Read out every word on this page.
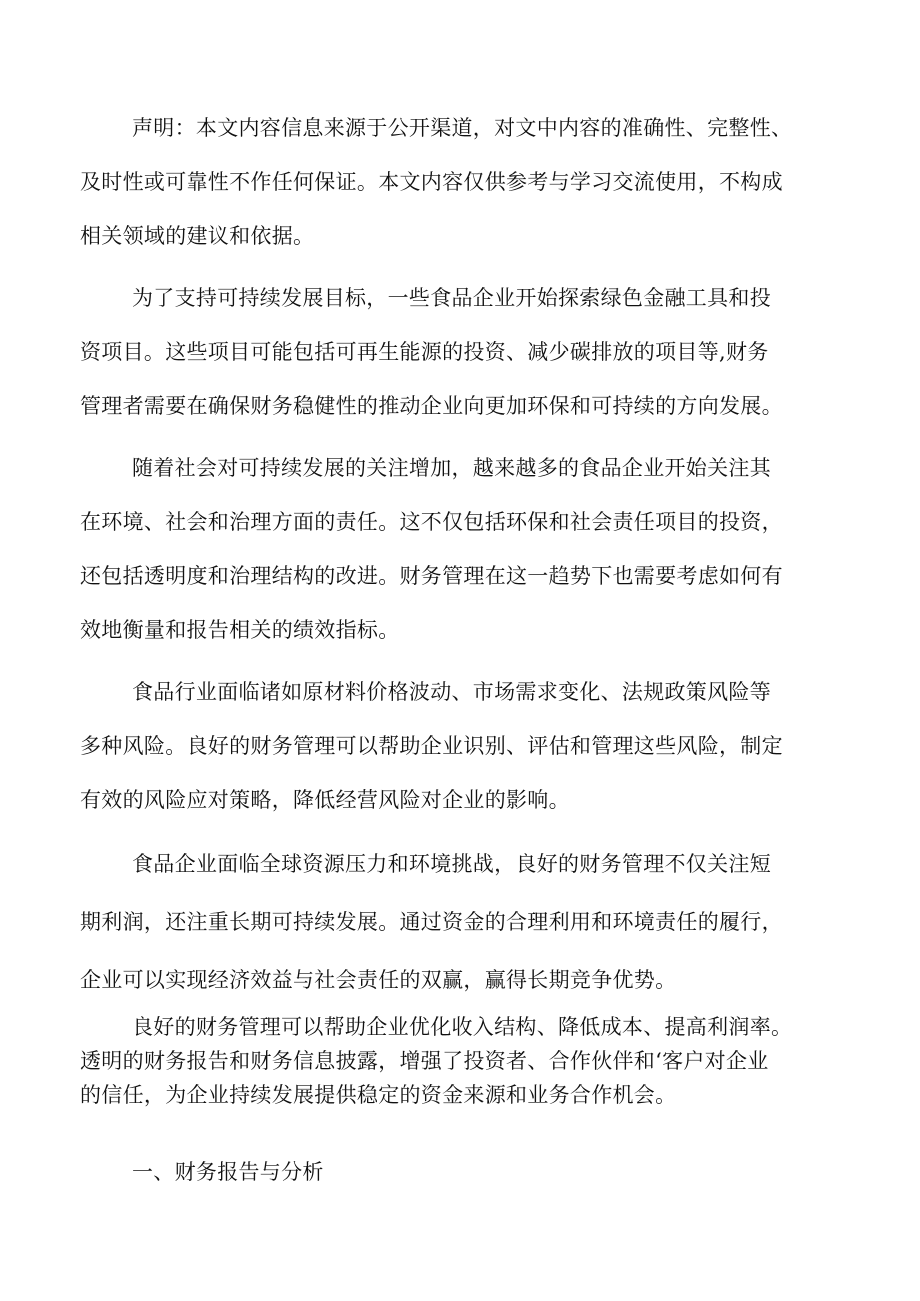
声明：本文内容信息来源于公开渠道，对文中内容的准确性、完整性、
及时性或可靠性不作任何保证。本文内容仅供参考与学习交流使用，不构成
相关领域的建议和依据。

为了支持可持续发展目标，一些食品企业开始探索绿色金融工具和投
资项目。这些项目可能包括可再生能源的投资、减少碳排放的项目等,财务
管理者需要在确保财务稳健性的推动企业向更加环保和可持续的方向发展。

随着社会对可持续发展的关注增加，越来越多的食品企业开始关注其
在环境、社会和治理方面的责任。这不仅包括环保和社会责任项目的投资，
还包括透明度和治理结构的改进。财务管理在这一趋势下也需要考虑如何有
效地衡量和报告相关的绩效指标。

食品行业面临诸如原材料价格波动、市场需求变化、法规政策风险等
多种风险。良好的财务管理可以帮助企业识别、评估和管理这些风险，制定
有效的风险应对策略，降低经营风险对企业的影响。

食品企业面临全球资源压力和环境挑战，良好的财务管理不仅关注短
期利润，还注重长期可持续发展。通过资金的合理利用和环境责任的履行，
企业可以实现经济效益与社会责任的双赢，赢得长期竞争优势。

良好的财务管理可以帮助企业优化收入结构、降低成本、提高利润率。
透明的财务报告和财务信息披露，增强了投资者、合作伙伴和‘客户对企业
的信任，为企业持续发展提供稳定的资金来源和业务合作机会。

一、财务报告与分析
